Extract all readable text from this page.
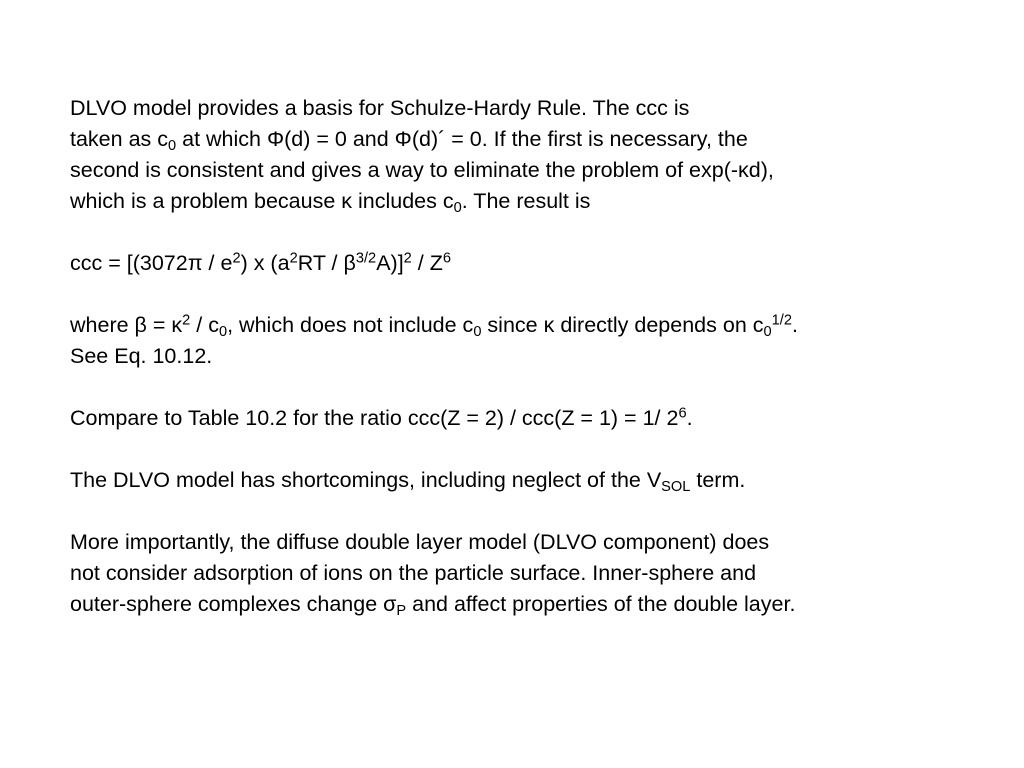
DLVO model provides a basis for Schulze-Hardy Rule. The ccc is
taken as $c_0$ at which Φ(d) = 0 and Φ(d)´ = 0. If the first is necessary, the
second is consistent and gives a way to eliminate the problem of exp(-κd),
which is a problem because κ includes $c_0$. The result is
ccc = [$(3072\pi / e^2)$ x $(a^2RT / \beta^{3/2}A)]^2 / Z^6$
where $\beta = \kappa^2 / c_0$, which does not include $c_0$ since κ directly depends on $c_0^{1/2}$.
See Eq. 10.12.
Compare to Table 10.2 for the ratio ccc(Z = 2) / ccc(Z = 1) = 1/ $2^6$.
The DLVO model has shortcomings, including neglect of the $V_{SOL}$ term.
More importantly, the diffuse double layer model (DLVO component) does
not consider adsorption of ions on the particle surface. Inner-sphere and
outer-sphere complexes change $\sigma_P$ and affect properties of the double layer.
